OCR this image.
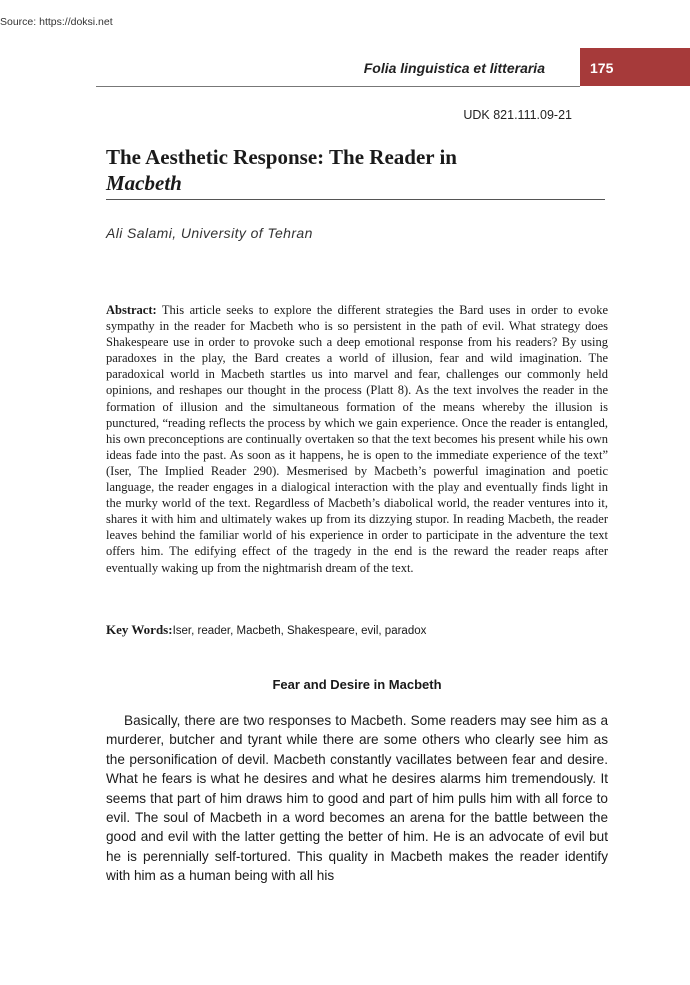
Source: https://doksi.net
Folia linguistica et litteraria	175
UDK 821.111.09-21
The Aesthetic Response: The Reader in
Macbeth
Ali Salami, University of Tehran

Abstract: This article seeks to explore the different strategies the Bard uses in order to evoke sympathy in the reader for Macbeth who is so persistent in the path of evil. What strategy does Shakespeare use in order to provoke such a deep emotional response from his readers? By using paradoxes in the play, the Bard creates a world of illusion, fear and wild imagination. The paradoxical world in Macbeth startles us into marvel and fear, challenges our commonly held opinions, and reshapes our thought in the process (Platt 8). As the text involves the reader in the formation of illusion and the simultaneous formation of the means whereby the illusion is punctured, “reading reflects the process by which we gain experience. Once the reader is entangled, his own preconceptions are continually overtaken so that the text becomes his present while his own ideas fade into the past. As soon as it happens, he is open to the immediate experience of the text” (Iser, The Implied Reader 290). Mesmerised by Macbeth’s powerful imagination and poetic language, the reader engages in a dialogical interaction with the play and eventually finds light in the murky world of the text. Regardless of Macbeth’s diabolical world, the reader ventures into it, shares it with him and ultimately wakes up from its dizzying stupor. In reading Macbeth, the reader leaves behind the familiar world of his experience in order to participate in the adventure the text offers him. The edifying effect of the tragedy in the end is the reward the reader reaps after eventually waking up from the nightmarish dream of the text.

Key Words:Iser, reader, Macbeth, Shakespeare, evil, paradox
Fear and Desire in Macbeth

Basically, there are two responses to Macbeth. Some readers may see him as a murderer, butcher and tyrant while there are some others who clearly see him as the personification of devil. Macbeth constantly vacillates between fear and desire. What he fears is what he desires and what he desires alarms him tremendously. It seems that part of him draws him to good and part of him pulls him with all force to evil. The soul of Macbeth in a word becomes an arena for the battle between the good and evil with the latter getting the better of him. He is an advocate of evil but he is perennially self-tortured. This quality in Macbeth makes the reader identify with him as a human being with all his
